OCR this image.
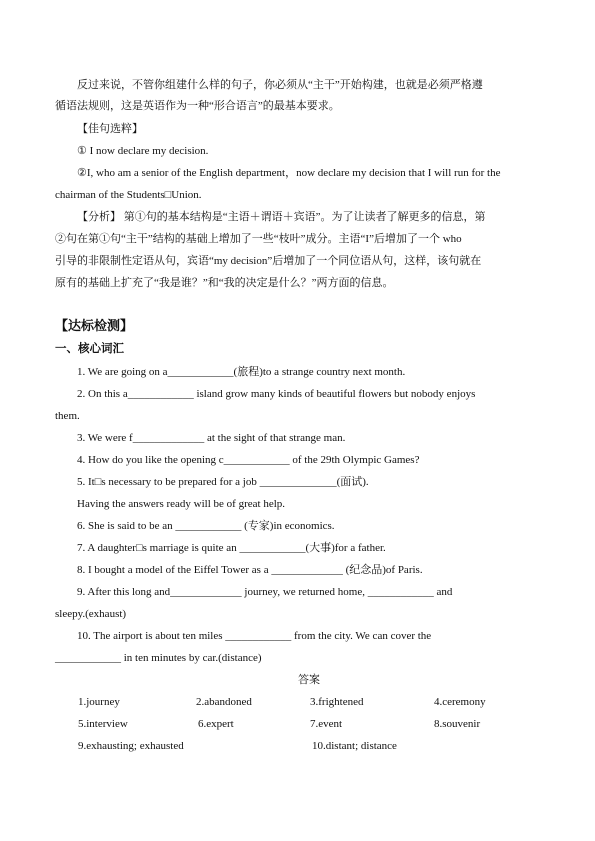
反过来说，不管你组建什么样的句子，你必须从“主干”开始构建，也就是必须严格遵
循语法规则，这是英语作为一种“形合语言”的最基本要求。
【佳句选粹】
① I now declare my decision.
②I, who am a senior of the English department，now declare my decision that I will run for the
chairman of the Students□Union.
【分析】 第①句的基本结构是“主语＋谓语＋宾语”。为了让读者了解更多的信息，第
②句在第①句“主干”结构的基础上增加了一些“枝叶”成分。主语“I”后增加了一个 who
引导的非限制性定语从句，宾语“my decision”后增加了一个同位语从句，这样，该句就在
原有的基础上扩充了“我是谁？”和“我的决定是什么？”两方面的信息。
【达标检测】
一、核心词汇
1. We are going on a____________(旅程)to a strange country next month.
2. On this a____________ island grow many kinds of beautiful flowers but nobody enjoys
them.
3. We were f_____________ at the sight of that strange man.
4. How do you like the opening c____________ of the 29th Olympic Games?
5. It□s necessary to be prepared for a job ______________(面试).
Having the answers ready will be of great help.
6. She is said to be an ____________ (专家)in economics.
7. A daughter□s marriage is quite an ____________(大事)for a father.
8. I bought a model of the Eiffel Tower as a _____________ (纪念品)of Paris.
9. After this long and_____________ journey, we returned home, ____________ and
sleepy.(exhaust)
10. The airport is about ten miles ____________ from the city. We can cover the
____________ in ten minutes by car.(distance)
答案
1.journey	2.abandoned	3.frightened	4.ceremony
5.interview	6.expert	7.event	8.souvenir
9.exhausting; exhausted	10.distant; distance
